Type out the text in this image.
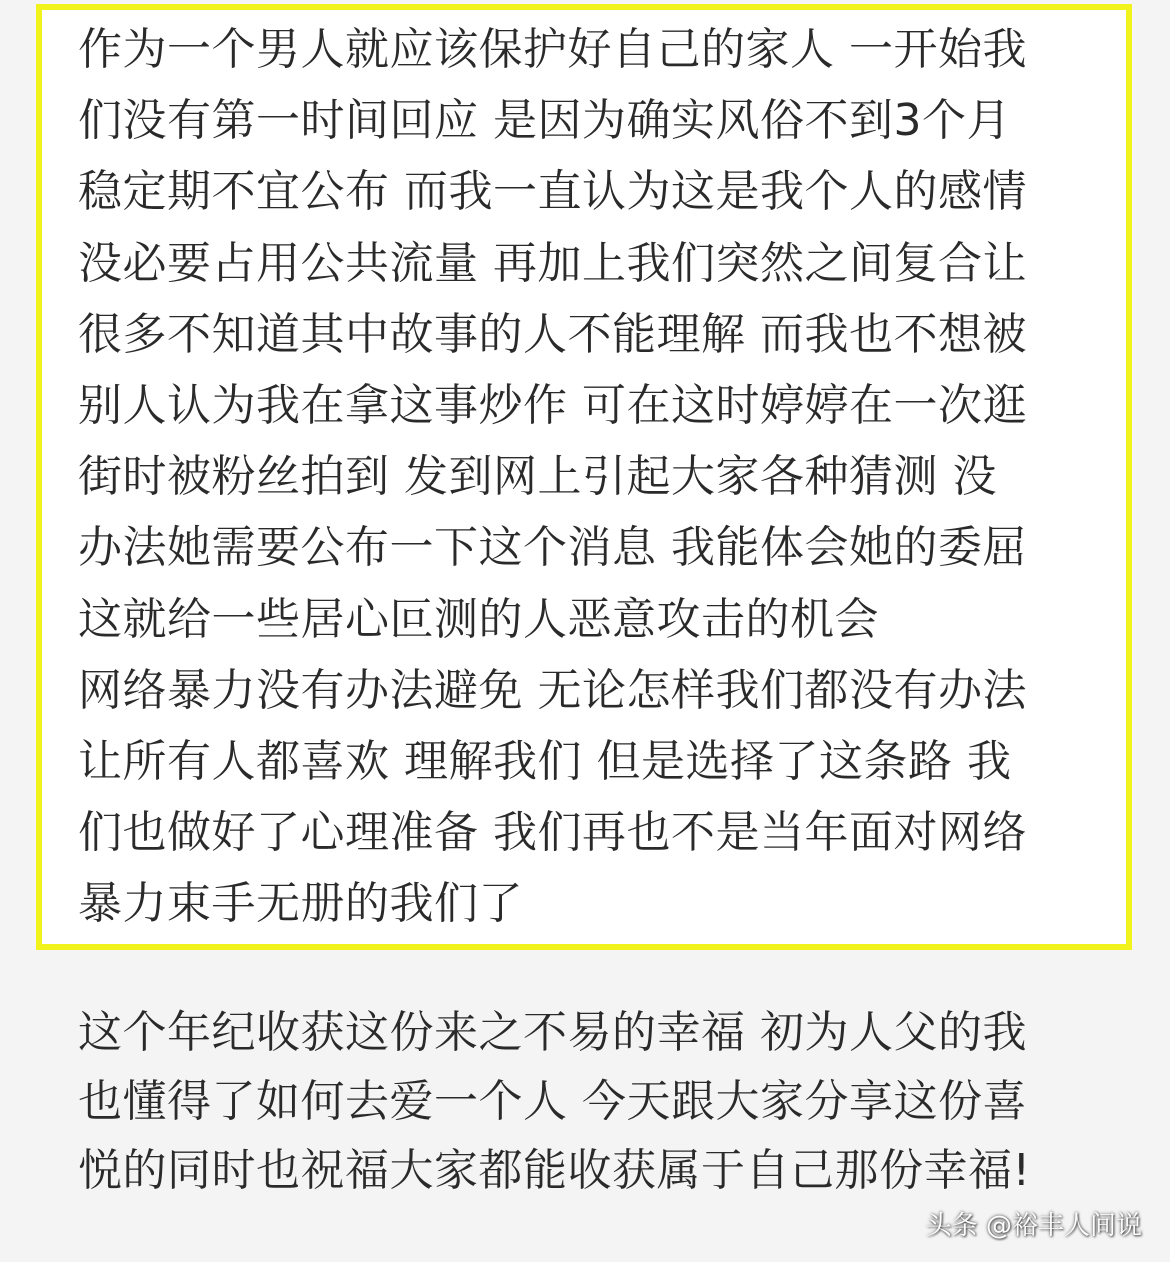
作为一个男人就应该保护好自己的家人 一开始我
们没有第一时间回应 是因为确实风俗不到3个月
稳定期不宜公布 而我一直认为这是我个人的感情
没必要占用公共流量 再加上我们突然之间复合让
很多不知道其中故事的人不能理解 而我也不想被
别人认为我在拿这事炒作 可在这时婷婷在一次逛
街时被粉丝拍到 发到网上引起大家各种猜测 没
办法她需要公布一下这个消息 我能体会她的委屈
这就给一些居心叵测的人恶意攻击的机会
网络暴力没有办法避免 无论怎样我们都没有办法
让所有人都喜欢 理解我们 但是选择了这条路 我
们也做好了心理准备 我们再也不是当年面对网络
暴力束手无册的我们了
这个年纪收获这份来之不易的幸福 初为人父的我
也懂得了如何去爱一个人 今天跟大家分享这份喜
悦的同时也祝福大家都能收获属于自己那份幸福!
头条 @裕丰人间说
